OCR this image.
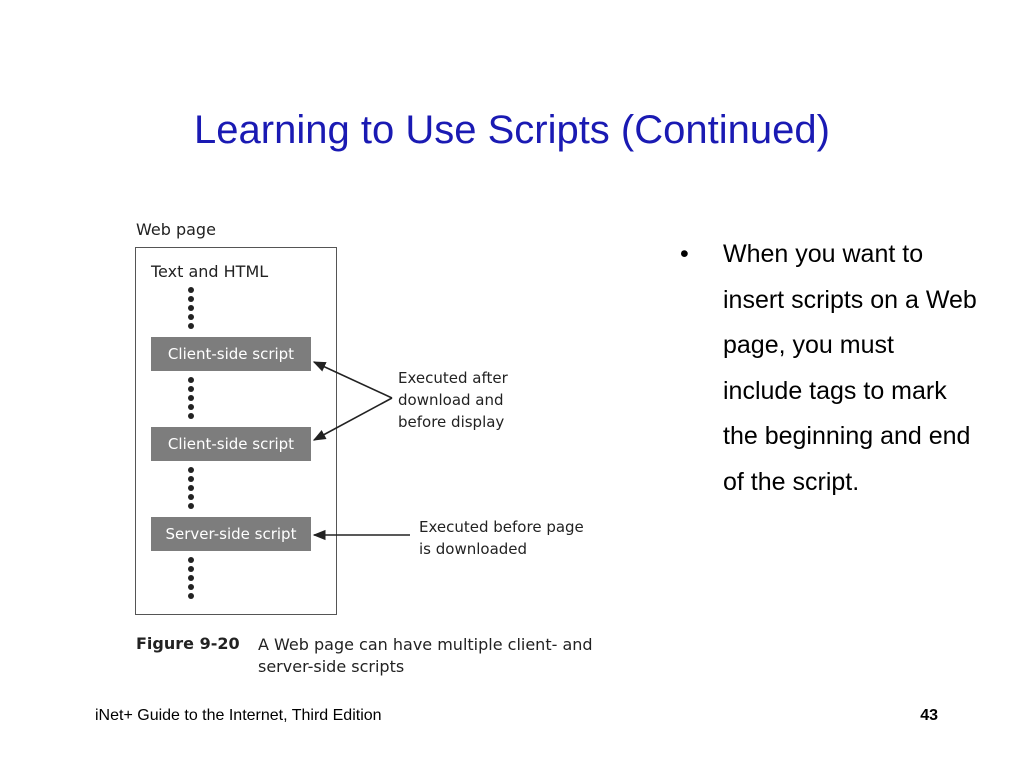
Learning to Use Scripts (Continued)
Web page
Text and HTML
Client-side script
Client-side script
Server-side script
Executed after
download and
before display
Executed before page
is downloaded
Figure 9-20 A Web page can have multiple client- and server-side scripts
• When you want to insert scripts on a Web page, you must include tags to mark the beginning and end of the script.
iNet+ Guide to the Internet, Third Edition	43
